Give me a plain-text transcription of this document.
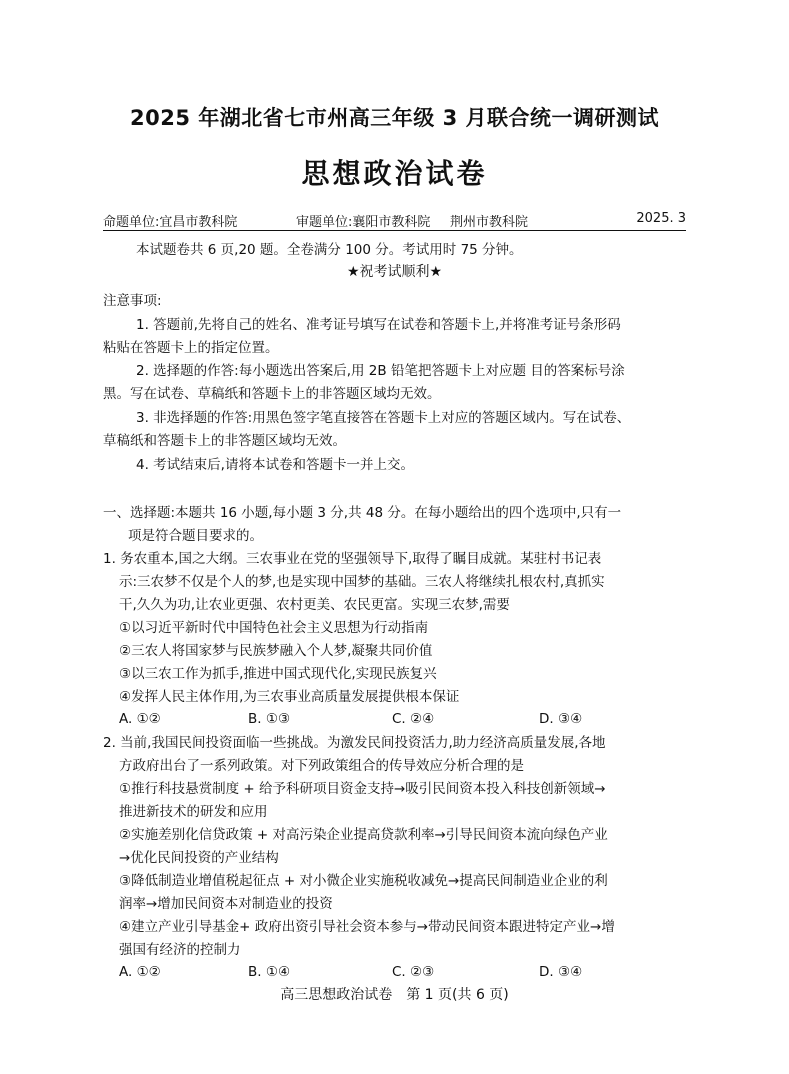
2025 年湖北省七市州高三年级 3 月联合统一调研测试
思想政治试卷
命题单位:宜昌市教科院	审题单位:襄阳市教科院 荆州市教科院	2025. 3
本试题卷共 6 页,20 题。全卷满分 100 分。考试用时 75 分钟。
★祝考试顺利★
注意事项:
1. 答题前,先将自己的姓名、准考证号填写在试卷和答题卡上,并将准考证号条形码
粘贴在答题卡上的指定位置。
2. 选择题的作答:每小题选出答案后,用 2B 铅笔把答题卡上对应题 目的答案标号涂
黑。写在试卷、草稿纸和答题卡上的非答题区域均无效。
3. 非选择题的作答:用黑色签字笔直接答在答题卡上对应的答题区域内。写在试卷、
草稿纸和答题卡上的非答题区域均无效。
4. 考试结束后,请将本试卷和答题卡一并上交。
一、选择题:本题共 16 小题,每小题 3 分,共 48 分。在每小题给出的四个选项中,只有一
项是符合题目要求的。
1. 务农重本,国之大纲。三农事业在党的坚强领导下,取得了瞩目成就。某驻村书记表
示:三农梦不仅是个人的梦,也是实现中国梦的基础。三农人将继续扎根农村,真抓实
干,久久为功,让农业更强、农村更美、农民更富。实现三农梦,需要
①以习近平新时代中国特色社会主义思想为行动指南
②三农人将国家梦与民族梦融入个人梦,凝聚共同价值
③以三农工作为抓手,推进中国式现代化,实现民族复兴
④发挥人民主体作用,为三农事业高质量发展提供根本保证
A. ①②	B. ①③	C. ②④	D. ③④
2. 当前,我国民间投资面临一些挑战。为激发民间投资活力,助力经济高质量发展,各地
方政府出台了一系列政策。对下列政策组合的传导效应分析合理的是
①推行科技悬赏制度 + 给予科研项目资金支持→吸引民间资本投入科技创新领域→
推进新技术的研发和应用
②实施差别化信贷政策 + 对高污染企业提高贷款利率→引导民间资本流向绿色产业
→优化民间投资的产业结构
③降低制造业增值税起征点 + 对小微企业实施税收减免→提高民间制造业企业的利
润率→增加民间资本对制造业的投资
④建立产业引导基金+ 政府出资引导社会资本参与→带动民间资本跟进特定产业→增
强国有经济的控制力
A. ①②	B. ①④	C. ②③	D. ③④
高三思想政治试卷　第 1 页(共 6 页)
